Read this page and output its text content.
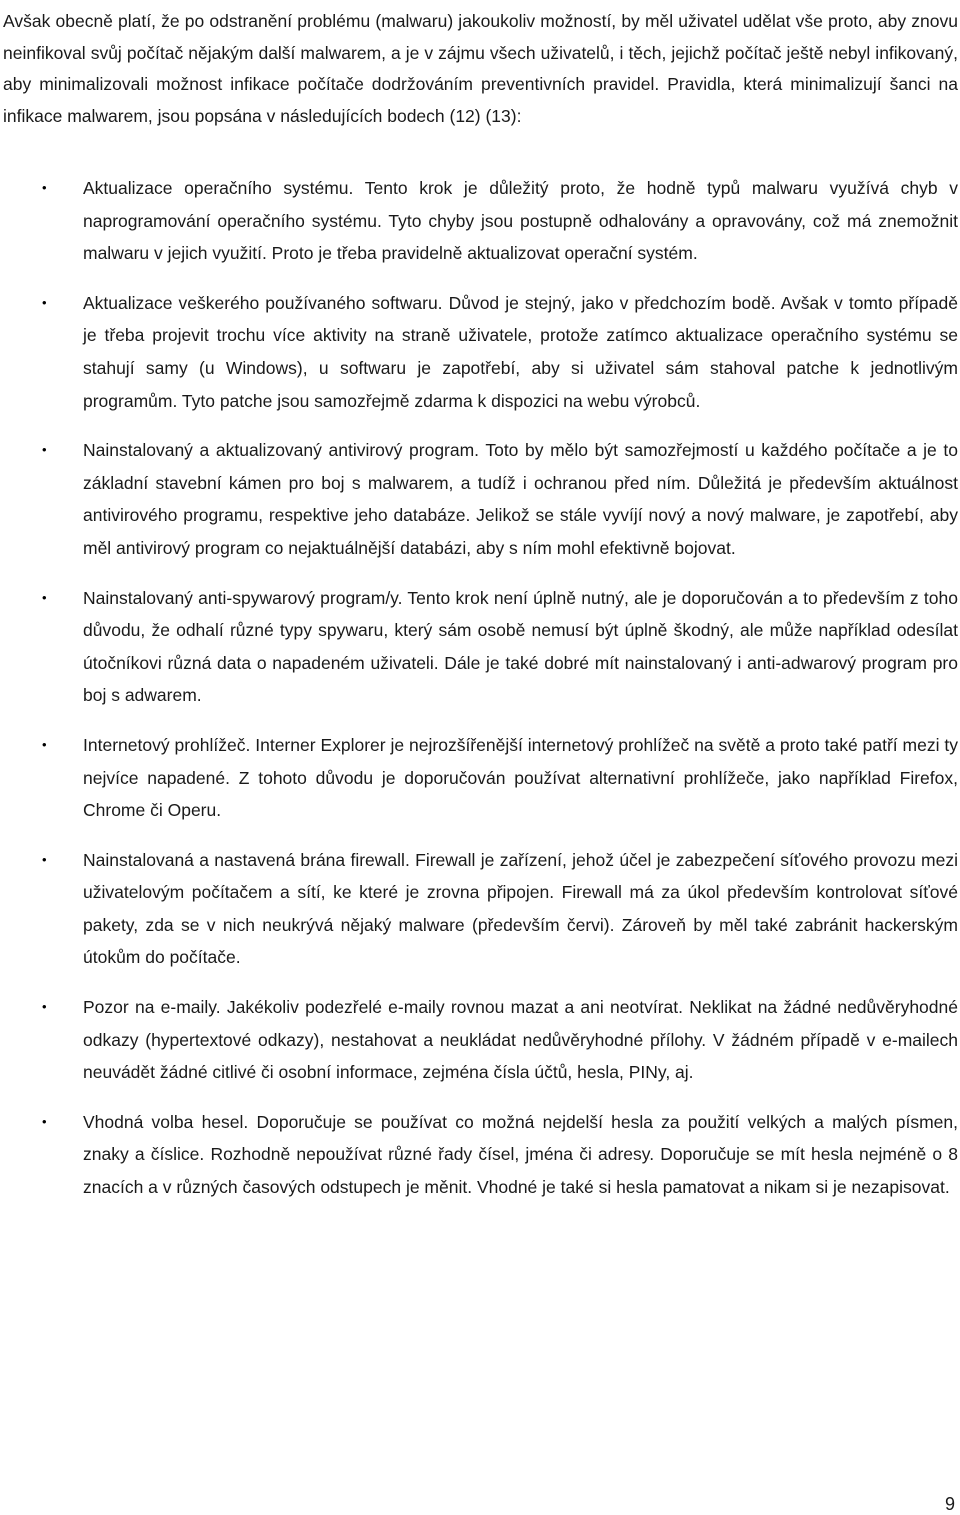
Avšak obecně platí, že po odstranění problému (malwaru) jakoukoliv možností, by měl uživatel udělat vše proto, aby znovu neinfikoval svůj počítač nějakým další malwarem, a je v zájmu všech uživatelů, i těch, jejichž počítač ještě nebyl infikovaný, aby minimalizovali možnost infikace počítače dodržováním preventivních pravidel. Pravidla, která minimalizují šanci na infikace malwarem, jsou popsána v následujících bodech (12) (13):

• Aktualizace operačního systému. Tento krok je důležitý proto, že hodně typů malwaru využívá chyb v naprogramování operačního systému. Tyto chyby jsou postupně odhalovány a opravovány, což má znemožnit malwaru v jejich využití. Proto je třeba pravidelně aktualizovat operační systém.
• Aktualizace veškerého používaného softwaru. Důvod je stejný, jako v předchozím bodě. Avšak v tomto případě je třeba projevit trochu více aktivity na straně uživatele, protože zatímco aktualizace operačního systému se stahují samy (u Windows), u softwaru je zapotřebí, aby si uživatel sám stahoval patche k jednotlivým programům. Tyto patche jsou samozřejmě zdarma k dispozici na webu výrobců.
• Nainstalovaný a aktualizovaný antivirový program. Toto by mělo být samozřejmostí u každého počítače a je to základní stavební kámen pro boj s malwarem, a tudíž i ochranou před ním. Důležitá je především aktuálnost antivirového programu, respektive jeho databáze. Jelikož se stále vyvíjí nový a nový malware, je zapotřebí, aby měl antivirový program co nejaktuálnější databázi, aby s ním mohl efektivně bojovat.
• Nainstalovaný anti-spywarový program/y. Tento krok není úplně nutný, ale je doporučován a to především z toho důvodu, že odhalí různé typy spywaru, který sám osobě nemusí být úplně škodný, ale může například odesílat útočníkovi různá data o napadeném uživateli. Dále je také dobré mít nainstalovaný i anti-adwarový program pro boj s adwarem.
• Internetový prohlížeč. Interner Explorer je nejrozšířenější internetový prohlížeč na světě a proto také patří mezi ty nejvíce napadené. Z tohoto důvodu je doporučován používat alternativní prohlížeče, jako například Firefox, Chrome či Operu.
• Nainstalovaná a nastavená brána firewall. Firewall je zařízení, jehož účel je zabezpečení síťového provozu mezi uživatelovým počítačem a sítí, ke které je zrovna připojen. Firewall má za úkol především kontrolovat síťové pakety, zda se v nich neukrývá nějaký malware (především červi). Zároveň by měl také zabránit hackerským útokům do počítače.
• Pozor na e-maily. Jakékoliv podezřelé e-maily rovnou mazat a ani neotvírat. Neklikat na žádné nedůvěryhodné odkazy (hypertextové odkazy), nestahovat a neukládat nedůvěryhodné přílohy. V žádném případě v e-mailech neuvádět žádné citlivé či osobní informace, zejména čísla účtů, hesla, PINy, aj.
• Vhodná volba hesel. Doporučuje se používat co možná nejdelší hesla za použití velkých a malých písmen, znaky a číslice. Rozhodně nepoužívat různé řady čísel, jména či adresy. Doporučuje se mít hesla nejméně o 8 znacích a v různých časových odstupech je měnit. Vhodné je také si hesla pamatovat a nikam si je nezapisovat.
9
